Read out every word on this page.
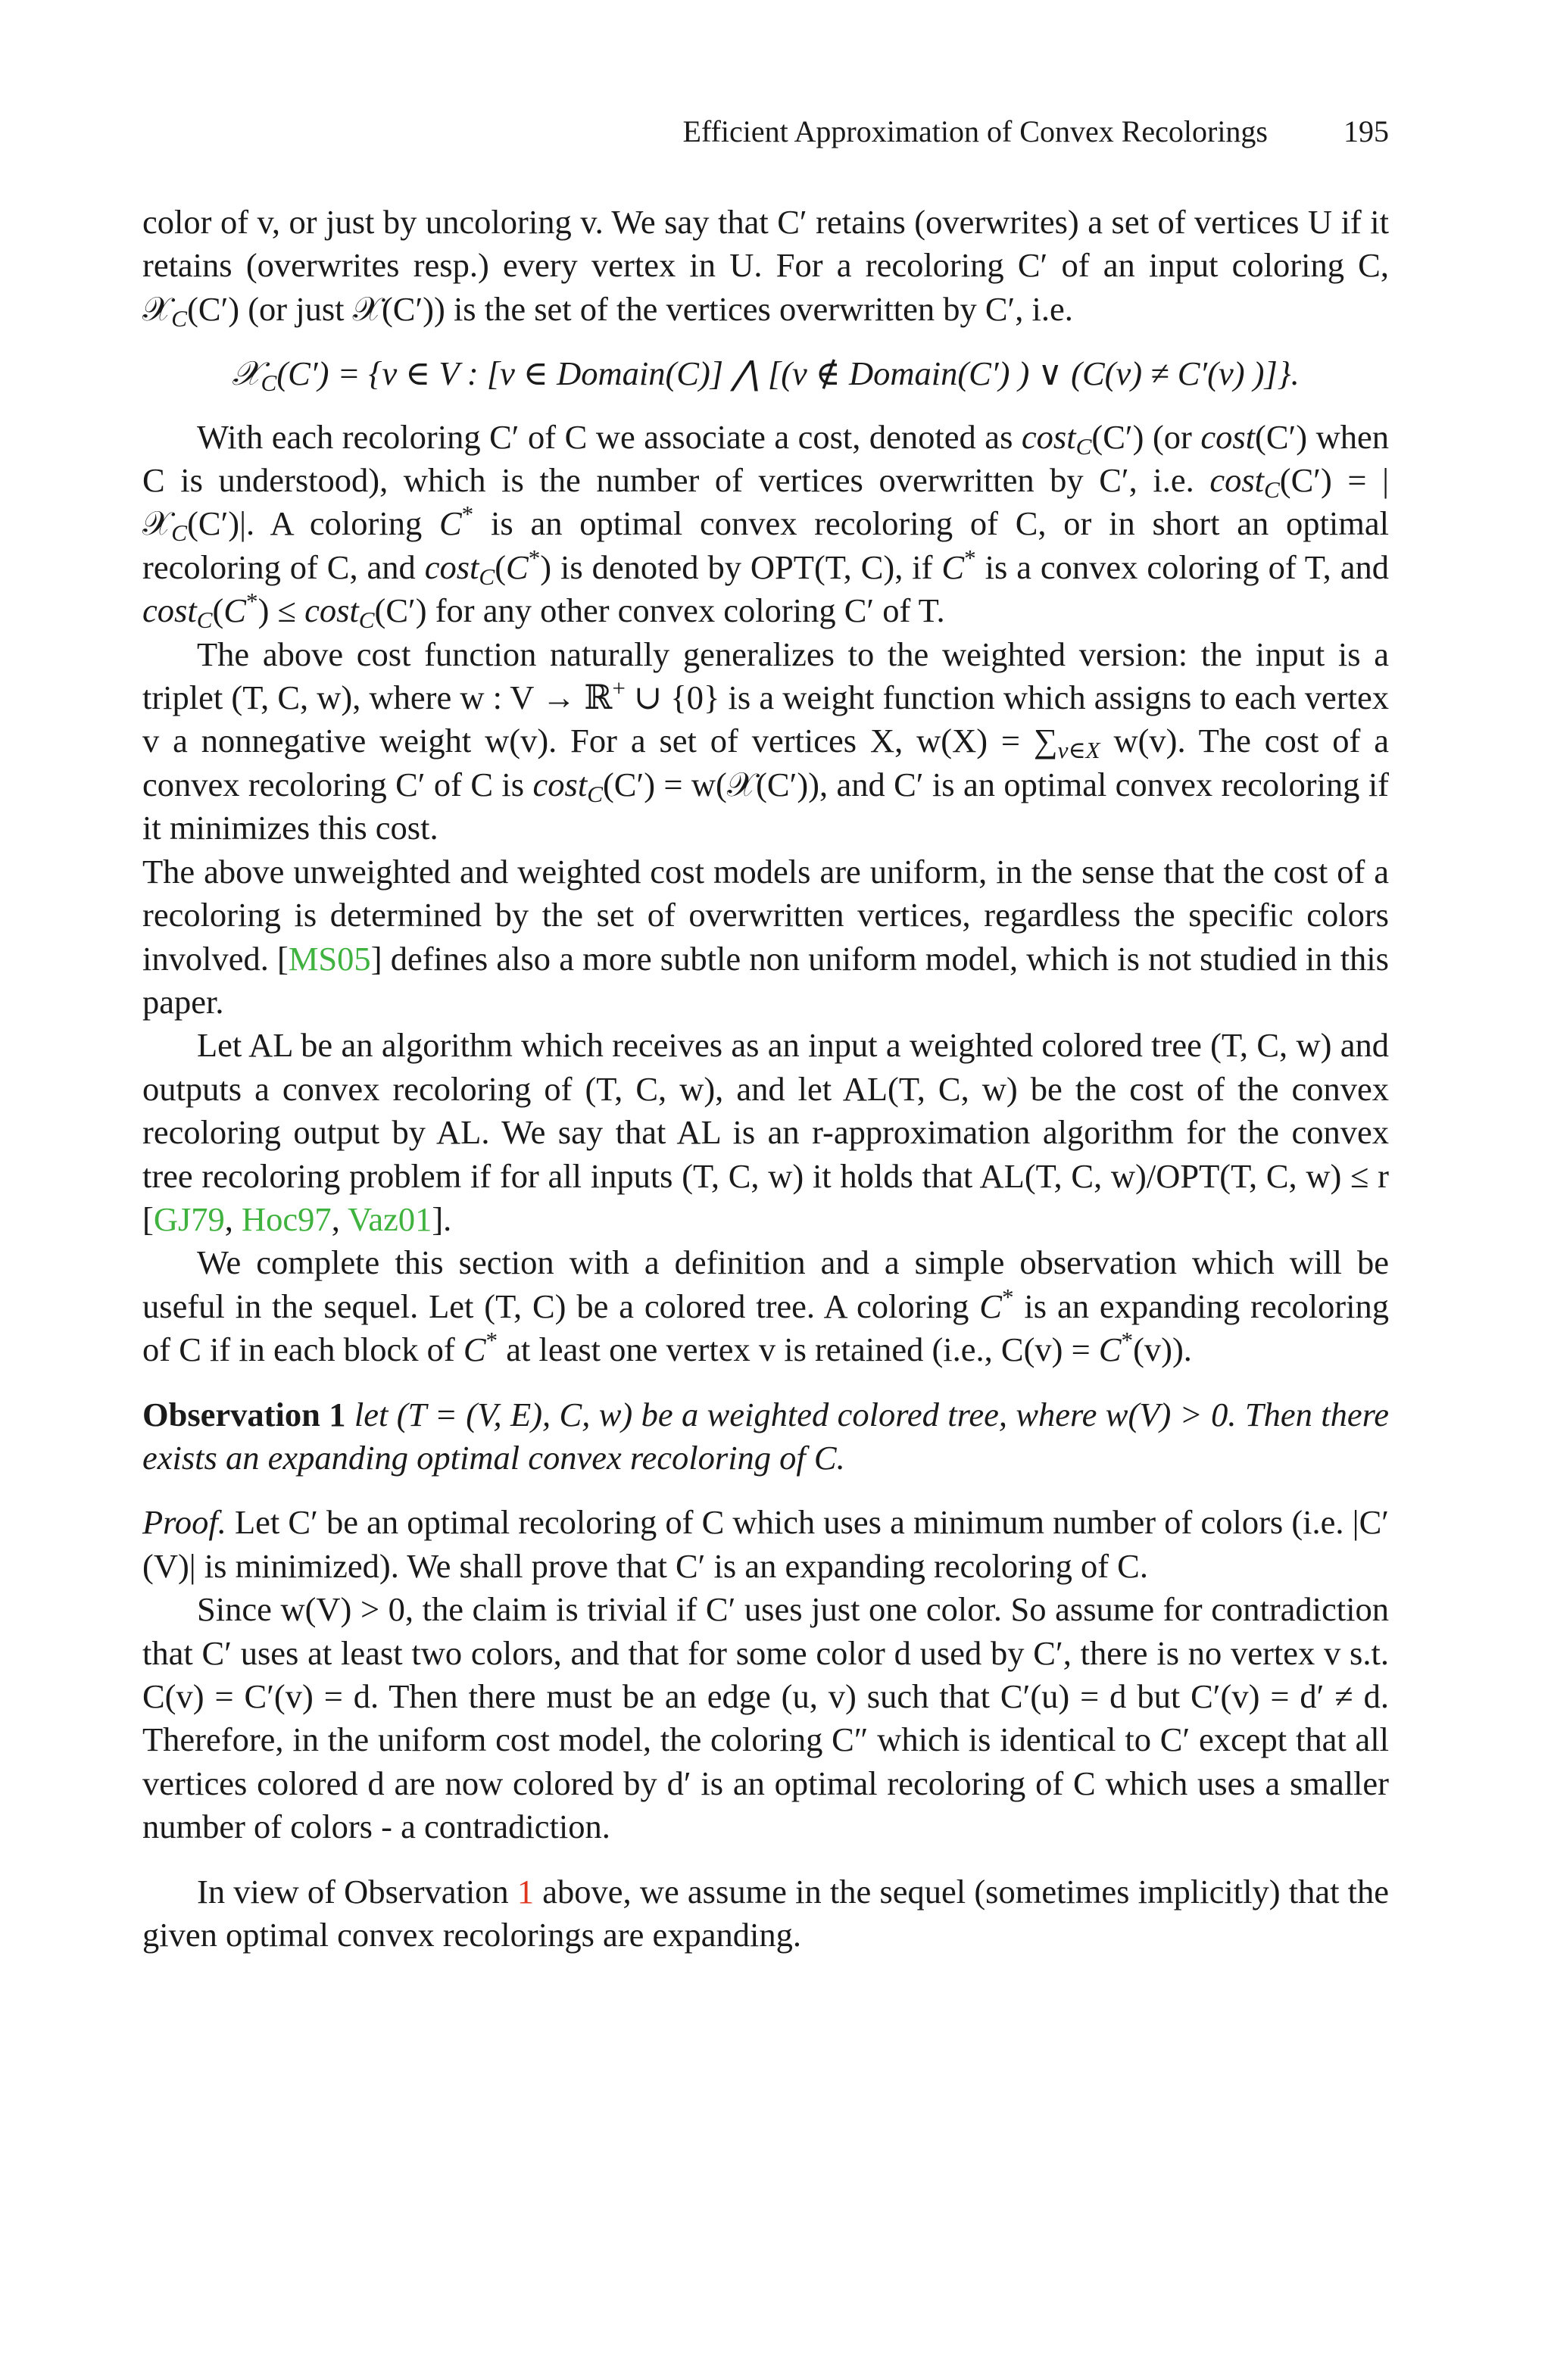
Efficient Approximation of Convex Recolorings	195

color of v, or just by uncoloring v. We say that C′ retains (overwrites) a set of vertices U if it retains (overwrites resp.) every vertex in U. For a recoloring C′ of an input coloring C, 𝒳$_C$(C′) (or just 𝒳(C′)) is the set of the vertices overwritten by C′, i.e.

𝒳$_C$(C′) = {v ∈ V : [v ∈ Domain(C)] ⋀ [(v ∉ Domain(C′) ) ∨ (C(v) ≠ C′(v) )]}.

With each recoloring C′ of C we associate a cost, denoted as cost$_C$(C′) (or cost(C′) when C is understood), which is the number of vertices overwritten by C′, i.e. cost$_C$(C′) = |𝒳$_C$(C′)|. A coloring C* is an optimal convex recoloring of C, or in short an optimal recoloring of C, and cost$_C$(C*) is denoted by OPT(T, C), if C* is a convex coloring of T, and cost$_C$(C*) ≤ cost$_C$(C′) for any other convex coloring C′ of T.

The above cost function naturally generalizes to the weighted version: the input is a triplet (T, C, w), where w : V → ℝ+ ∪ {0} is a weight function which assigns to each vertex v a nonnegative weight w(v). For a set of vertices X, $w(X) = \sum_{v\in X}$ w(v). The cost of a convex recoloring C′ of C is cost$_C$(C′) = w(𝒳(C′)), and C′ is an optimal convex recoloring if it minimizes this cost.

The above unweighted and weighted cost models are uniform, in the sense that the cost of a recoloring is determined by the set of overwritten vertices, regardless the specific colors involved. [MS05] defines also a more subtle non uniform model, which is not studied in this paper.

Let AL be an algorithm which receives as an input a weighted colored tree (T, C, w) and outputs a convex recoloring of (T, C, w), and let AL(T, C, w) be the cost of the convex recoloring output by AL. We say that AL is an r-approximation algorithm for the convex tree recoloring problem if for all inputs (T, C, w) it holds that AL(T, C, w)/OPT(T, C, w) ≤ r [GJ79, Hoc97, Vaz01].

We complete this section with a definition and a simple observation which will be useful in the sequel. Let (T, C) be a colored tree. A coloring C* is an expanding recoloring of C if in each block of C* at least one vertex v is retained (i.e., C(v) = C*(v)).

Observation 1 let (T = (V, E), C, w) be a weighted colored tree, where w(V) > 0. Then there exists an expanding optimal convex recoloring of C.

Proof. Let C′ be an optimal recoloring of C which uses a minimum number of colors (i.e. |C′(V)| is minimized). We shall prove that C′ is an expanding recoloring of C.

Since w(V) > 0, the claim is trivial if C′ uses just one color. So assume for contradiction that C′ uses at least two colors, and that for some color d used by C′, there is no vertex v s.t. C(v) = C′(v) = d. Then there must be an edge (u, v) such that C′(u) = d but C′(v) = d′ ≠ d. Therefore, in the uniform cost model, the coloring C″ which is identical to C′ except that all vertices colored d are now colored by d′ is an optimal recoloring of C which uses a smaller number of colors - a contradiction.

In view of Observation 1 above, we assume in the sequel (sometimes implicitly) that the given optimal convex recolorings are expanding.
